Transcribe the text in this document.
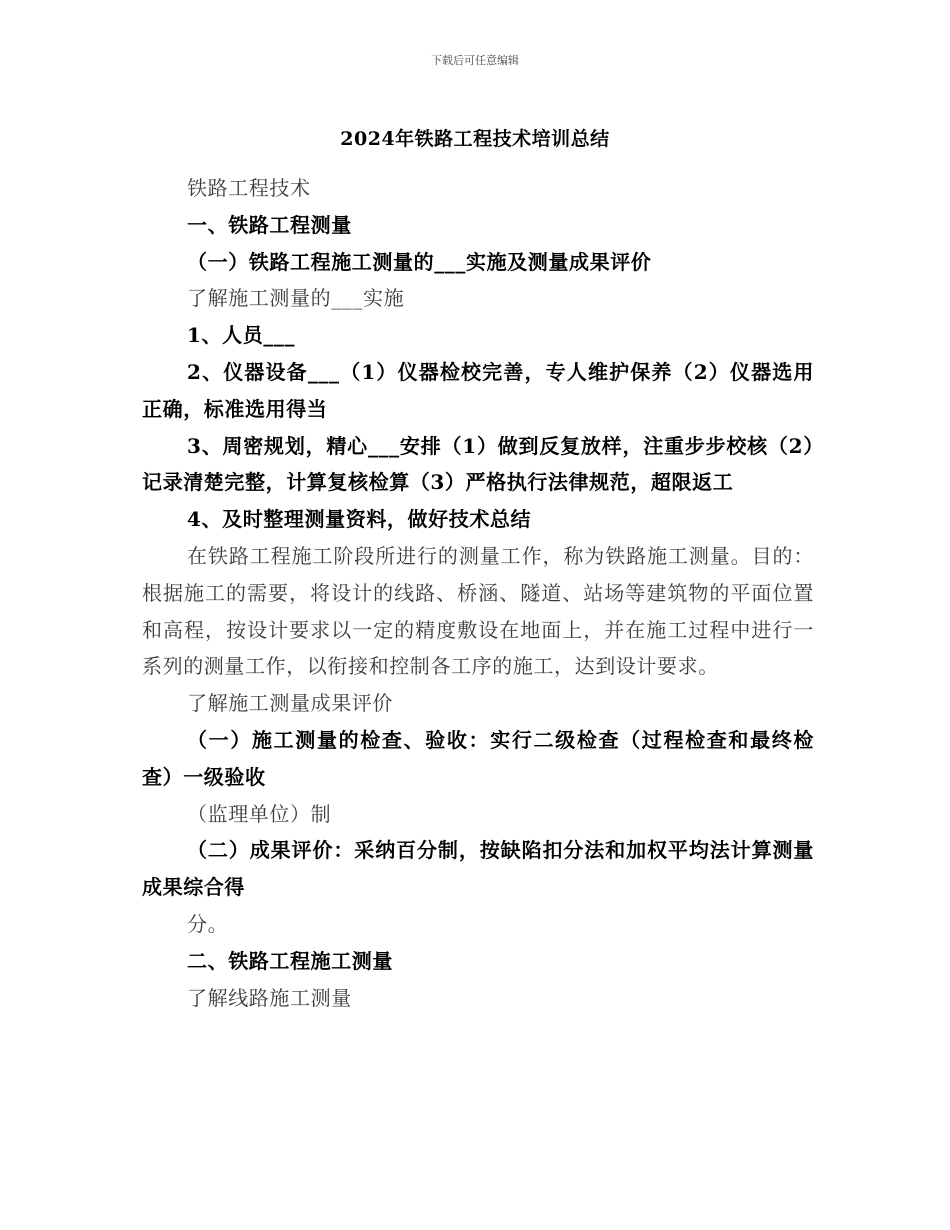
下载后可任意编辑
2024年铁路工程技术培训总结

铁路工程技术

一、铁路工程测量

（一）铁路工程施工测量的___实施及测量成果评价

了解施工测量的___实施

1、人员___

2、仪器设备___（1）仪器检校完善，专人维护保养（2）仪器选用正确，标准选用得当

3、周密规划，精心___安排（1）做到反复放样，注重步步校核（2）记录清楚完整，计算复核检算（3）严格执行法律规范，超限返工

4、及时整理测量资料，做好技术总结

在铁路工程施工阶段所进行的测量工作，称为铁路施工测量。目的：根据施工的需要，将设计的线路、桥涵、隧道、站场等建筑物的平面位置和高程，按设计要求以一定的精度敷设在地面上，并在施工过程中进行一系列的测量工作，以衔接和控制各工序的施工，达到设计要求。

了解施工测量成果评价

（一）施工测量的检查、验收：实行二级检查（过程检查和最终检查）一级验收

（监理单位）制

（二）成果评价：采纳百分制，按缺陷扣分法和加权平均法计算测量成果综合得

分。

二、铁路工程施工测量

了解线路施工测量
